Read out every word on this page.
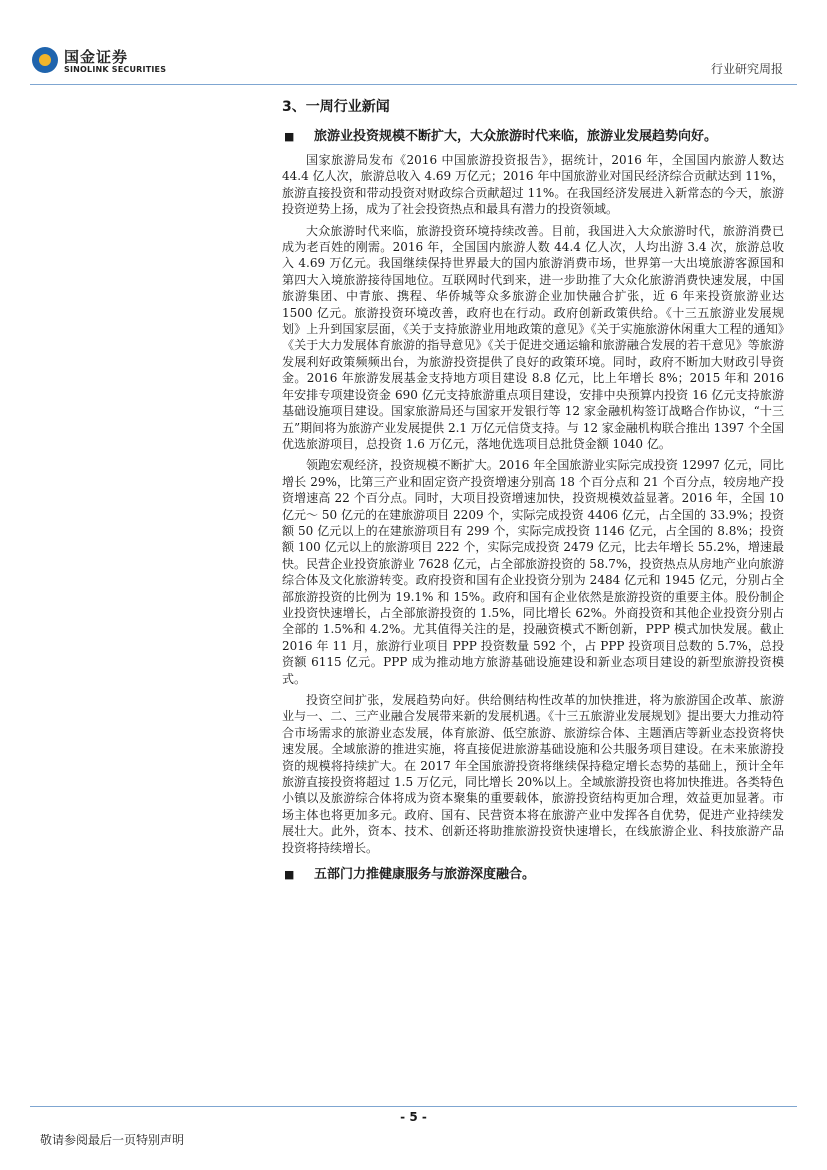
国金证券
SINOLINK SECURITIES	行业研究周报
3、一周行业新闻
■ 旅游业投资规模不断扩大，大众旅游时代来临，旅游业发展趋势向好。

国家旅游局发布《2016 中国旅游投资报告》，据统计，2016 年，全国国内旅游人数达 44.4 亿人次，旅游总收入 4.69 万亿元；2016 年中国旅游业对国民经济综合贡献达到 11%，旅游直接投资和带动投资对财政综合贡献超过 11%。在我国经济发展进入新常态的今天，旅游投资逆势上扬，成为了社会投资热点和最具有潜力的投资领域。

大众旅游时代来临，旅游投资环境持续改善。目前，我国进入大众旅游时代，旅游消费已成为老百姓的刚需。2016 年，全国国内旅游人数 44.4 亿人次，人均出游 3.4 次，旅游总收入 4.69 万亿元。我国继续保持世界最大的国内旅游消费市场，世界第一大出境旅游客源国和第四大入境旅游接待国地位。互联网时代到来，进一步助推了大众化旅游消费快速发展，中国旅游集团、中青旅、携程、华侨城等众多旅游企业加快融合扩张，近 6 年来投资旅游业达 1500 亿元。旅游投资环境改善，政府也在行动。政府创新政策供给。《十三五旅游业发展规划》上升到国家层面，《关于支持旅游业用地政策的意见》《关于实施旅游休闲重大工程的通知》《关于大力发展体育旅游的指导意见》《关于促进交通运输和旅游融合发展的若干意见》等旅游发展利好政策频频出台，为旅游投资提供了良好的政策环境。同时，政府不断加大财政引导资金。2016 年旅游发展基金支持地方项目建设 8.8 亿元，比上年增长 8%；2015 年和 2016 年安排专项建设资金 690 亿元支持旅游重点项目建设，安排中央预算内投资 16 亿元支持旅游基础设施项目建设。国家旅游局还与国家开发银行等 12 家金融机构签订战略合作协议，“十三五”期间将为旅游产业发展提供 2.1 万亿元信贷支持。与 12 家金融机构联合推出 1397 个全国优选旅游项目，总投资 1.6 万亿元，落地优选项目总批贷金额 1040 亿。

领跑宏观经济，投资规模不断扩大。2016 年全国旅游业实际完成投资 12997 亿元，同比增长 29%，比第三产业和固定资产投资增速分别高 18 个百分点和 21 个百分点，较房地产投资增速高 22 个百分点。同时，大项目投资增速加快，投资规模效益显著。2016 年，全国 10 亿元～ 50 亿元的在建旅游项目 2209 个，实际完成投资 4406 亿元，占全国的 33.9%；投资额 50 亿元以上的在建旅游项目有 299 个，实际完成投资 1146 亿元，占全国的 8.8%；投资额 100 亿元以上的旅游项目 222 个，实际完成投资 2479 亿元，比去年增长 55.2%，增速最快。民营企业投资旅游业 7628 亿元，占全部旅游投资的 58.7%，投资热点从房地产业向旅游综合体及文化旅游转变。政府投资和国有企业投资分别为 2484 亿元和 1945 亿元，分别占全部旅游投资的比例为 19.1% 和 15%。政府和国有企业依然是旅游投资的重要主体。股份制企业投资快速增长，占全部旅游投资的 1.5%，同比增长 62%。外商投资和其他企业投资分别占全部的 1.5%和 4.2%。尤其值得关注的是，投融资模式不断创新，PPP 模式加快发展。截止 2016 年 11 月，旅游行业项目 PPP 投资数量 592 个，占 PPP 投资项目总数的 5.7%，总投资额 6115 亿元。PPP 成为推动地方旅游基础设施建设和新业态项目建设的新型旅游投资模式。

投资空间扩张，发展趋势向好。供给侧结构性改革的加快推进，将为旅游国企改革、旅游业与一、二、三产业融合发展带来新的发展机遇。《十三五旅游业发展规划》提出要大力推动符合市场需求的旅游业态发展，体育旅游、低空旅游、旅游综合体、主题酒店等新业态投资将快速发展。全域旅游的推进实施，将直接促进旅游基础设施和公共服务项目建设。在未来旅游投资的规模将持续扩大。在 2017 年全国旅游投资将继续保持稳定增长态势的基础上，预计全年旅游直接投资将超过 1.5 万亿元，同比增长 20%以上。全域旅游投资也将加快推进。各类特色小镇以及旅游综合体将成为资本聚集的重要载体，旅游投资结构更加合理，效益更加显著。市场主体也将更加多元。政府、国有、民营资本将在旅游产业中发挥各自优势，促进产业持续发展壮大。此外，资本、技术、创新还将助推旅游投资快速增长，在线旅游企业、科技旅游产品投资将持续增长。

■ 五部门力推健康服务与旅游深度融合。
- 5 -
敬请参阅最后一页特别声明
